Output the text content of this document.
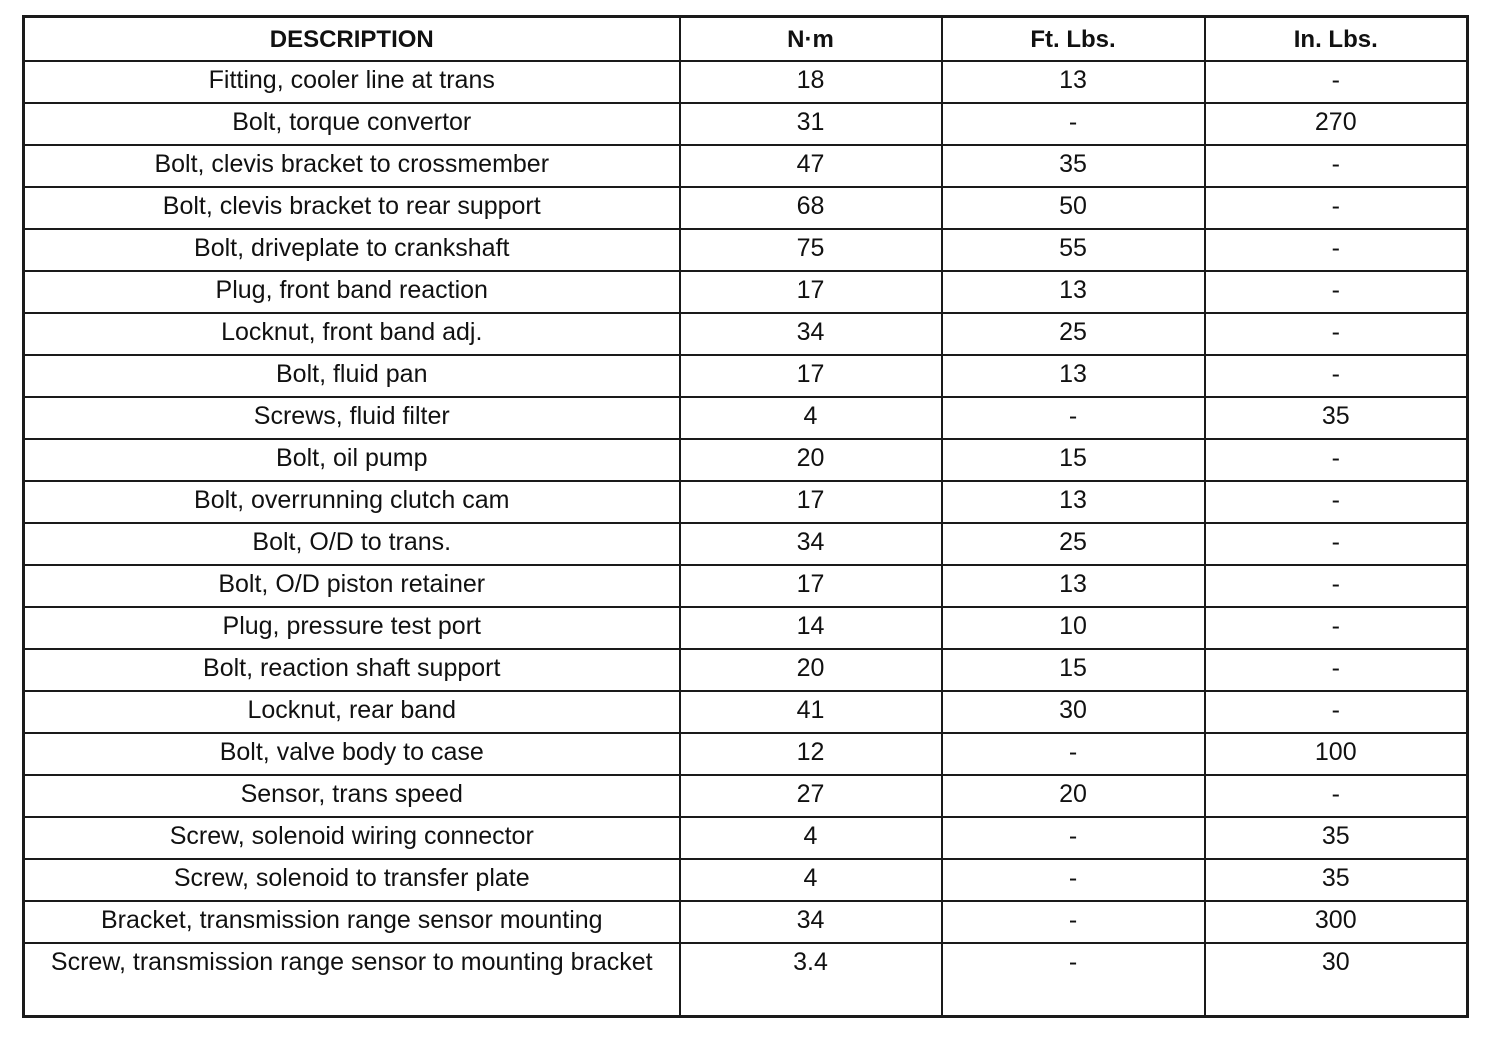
DESCRIPTION	N·m	Ft. Lbs.	In. Lbs.
Fitting, cooler line at trans	18	13	-
Bolt, torque convertor	31	-	270
Bolt, clevis bracket to crossmember	47	35	-
Bolt, clevis bracket to rear support	68	50	-
Bolt, driveplate to crankshaft	75	55	-
Plug, front band reaction	17	13	-
Locknut, front band adj.	34	25	-
Bolt, fluid pan	17	13	-
Screws, fluid filter	4	-	35
Bolt, oil pump	20	15	-
Bolt, overrunning clutch cam	17	13	-
Bolt, O/D to trans.	34	25	-
Bolt, O/D piston retainer	17	13	-
Plug, pressure test port	14	10	-
Bolt, reaction shaft support	20	15	-
Locknut, rear band	41	30	-
Bolt, valve body to case	12	-	100
Sensor, trans speed	27	20	-
Screw, solenoid wiring connector	4	-	35
Screw, solenoid to transfer plate	4	-	35
Bracket, transmission range sensor mounting	34	-	300
Screw, transmission range sensor to mounting bracket	3.4	-	30
